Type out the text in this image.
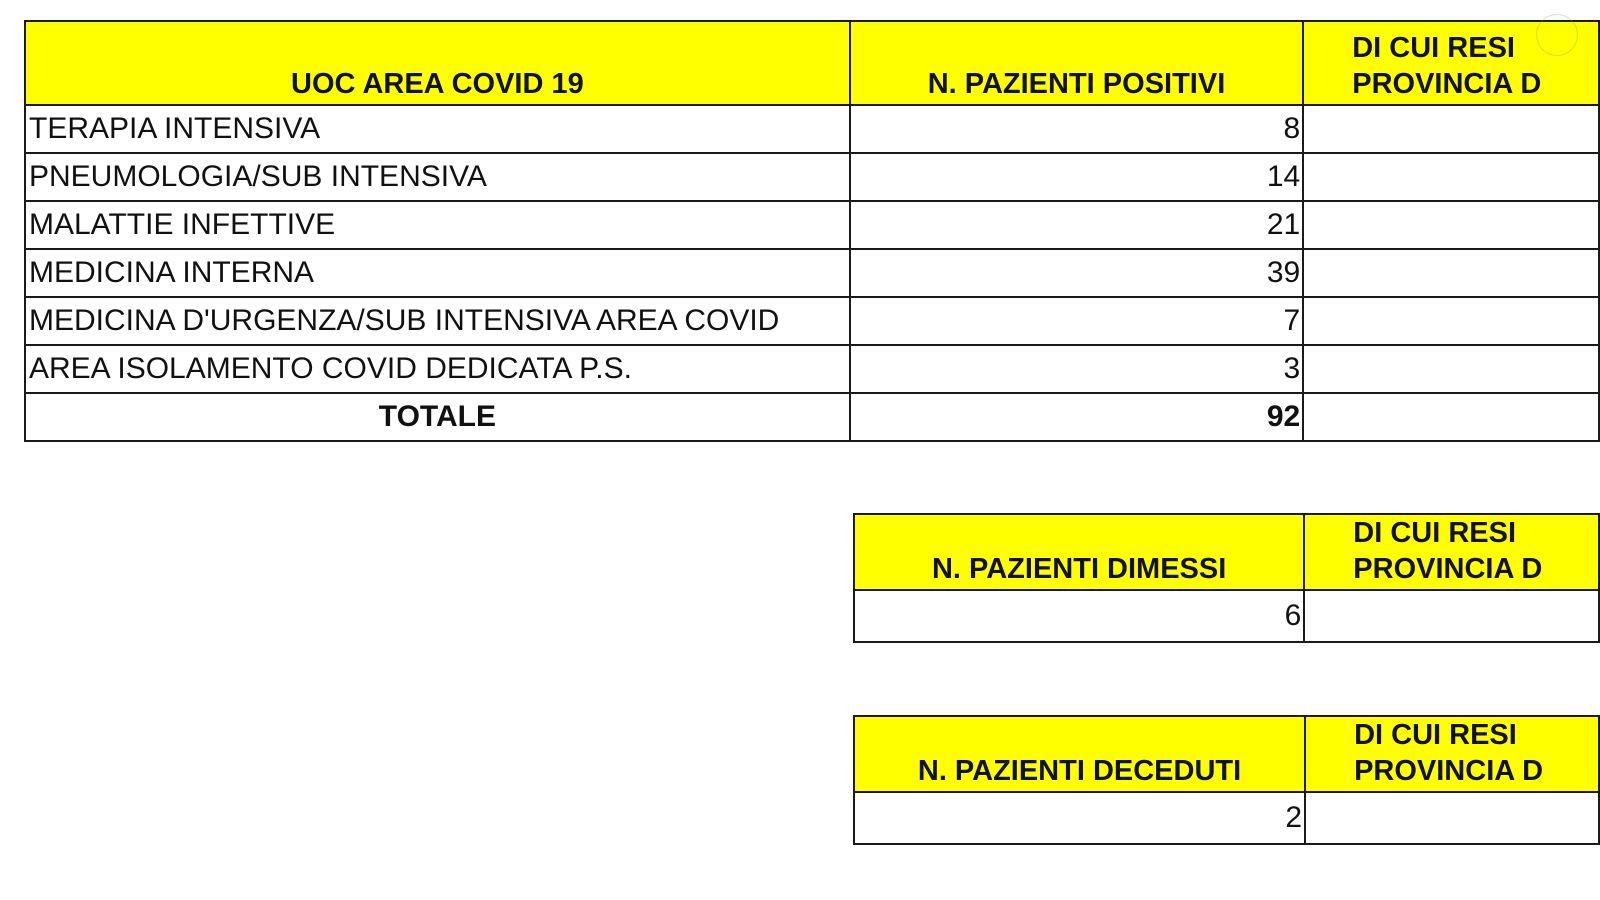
UOC AREA COVID 19	N. PAZIENTI POSITIVI	DI CUI RESI
PROVINCIA D

TERAPIA INTENSIVA	8	
PNEUMOLOGIA/SUB INTENSIVA	14	
MALATTIE INFETTIVE	21	
MEDICINA INTERNA	39	
MEDICINA D'URGENZA/SUB INTENSIVA AREA COVID	7	
AREA ISOLAMENTO COVID DEDICATA P.S.	3	
TOTALE	92	
N. PAZIENTI DIMESSI	DI CUI RESI
PROVINCIA D

6	
N. PAZIENTI DECEDUTI	DI CUI RESI
PROVINCIA D

2	
